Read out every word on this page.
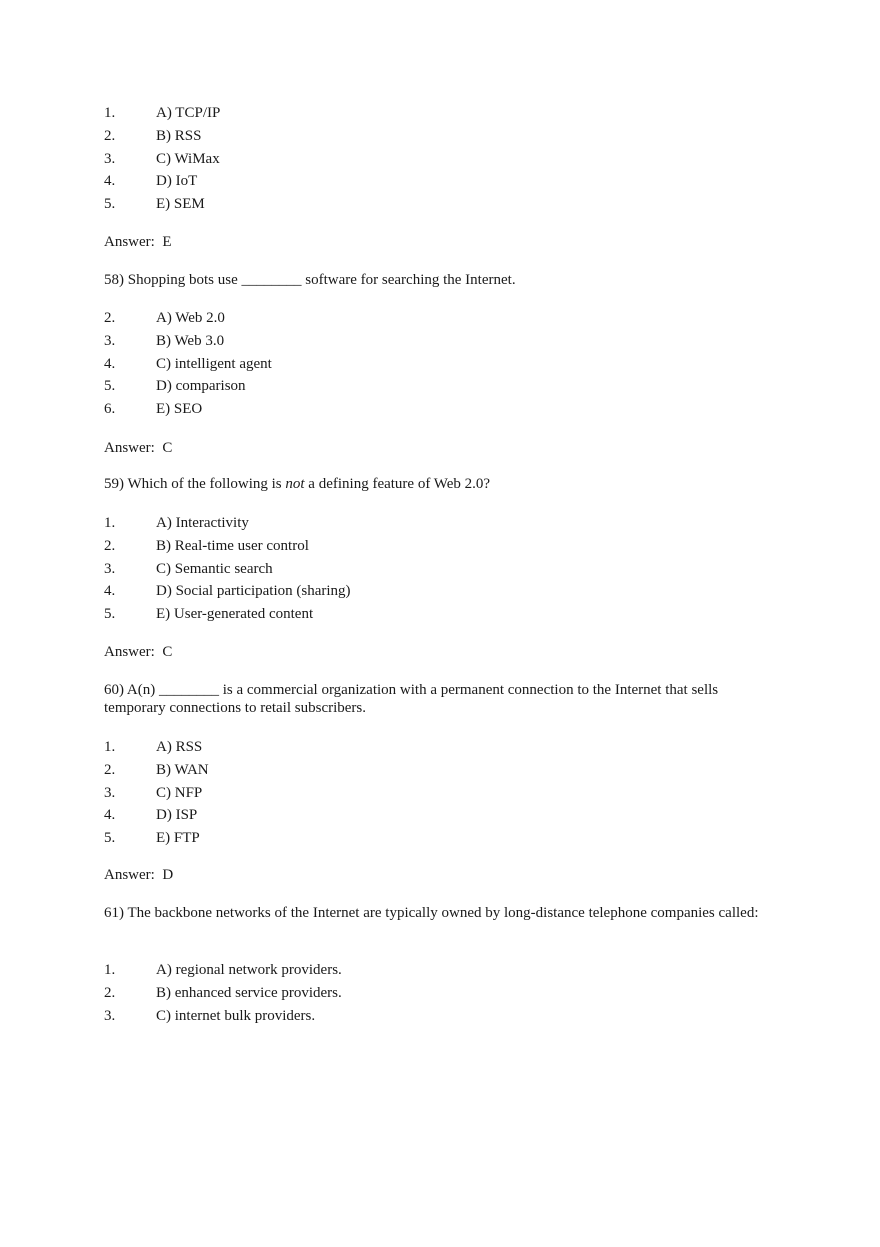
1.	A) TCP/IP
2.	B) RSS
3.	C) WiMax
4.	D) IoT
5.	E) SEM
Answer:  E
58) Shopping bots use ________ software for searching the Internet.
2.	A) Web 2.0
3.	B) Web 3.0
4.	C) intelligent agent
5.	D) comparison
6.	E) SEO
Answer:  C
59) Which of the following is not a defining feature of Web 2.0?
1.	A) Interactivity
2.	B) Real-time user control
3.	C) Semantic search
4.	D) Social participation (sharing)
5.	E) User-generated content
Answer:  C
60) A(n) ________ is a commercial organization with a permanent connection to the Internet that sells temporary connections to retail subscribers.
1.	A) RSS
2.	B) WAN
3.	C) NFP
4.	D) ISP
5.	E) FTP
Answer:  D
61) The backbone networks of the Internet are typically owned by long-distance telephone companies called:
1.	A) regional network providers.
2.	B) enhanced service providers.
3.	C) internet bulk providers.
